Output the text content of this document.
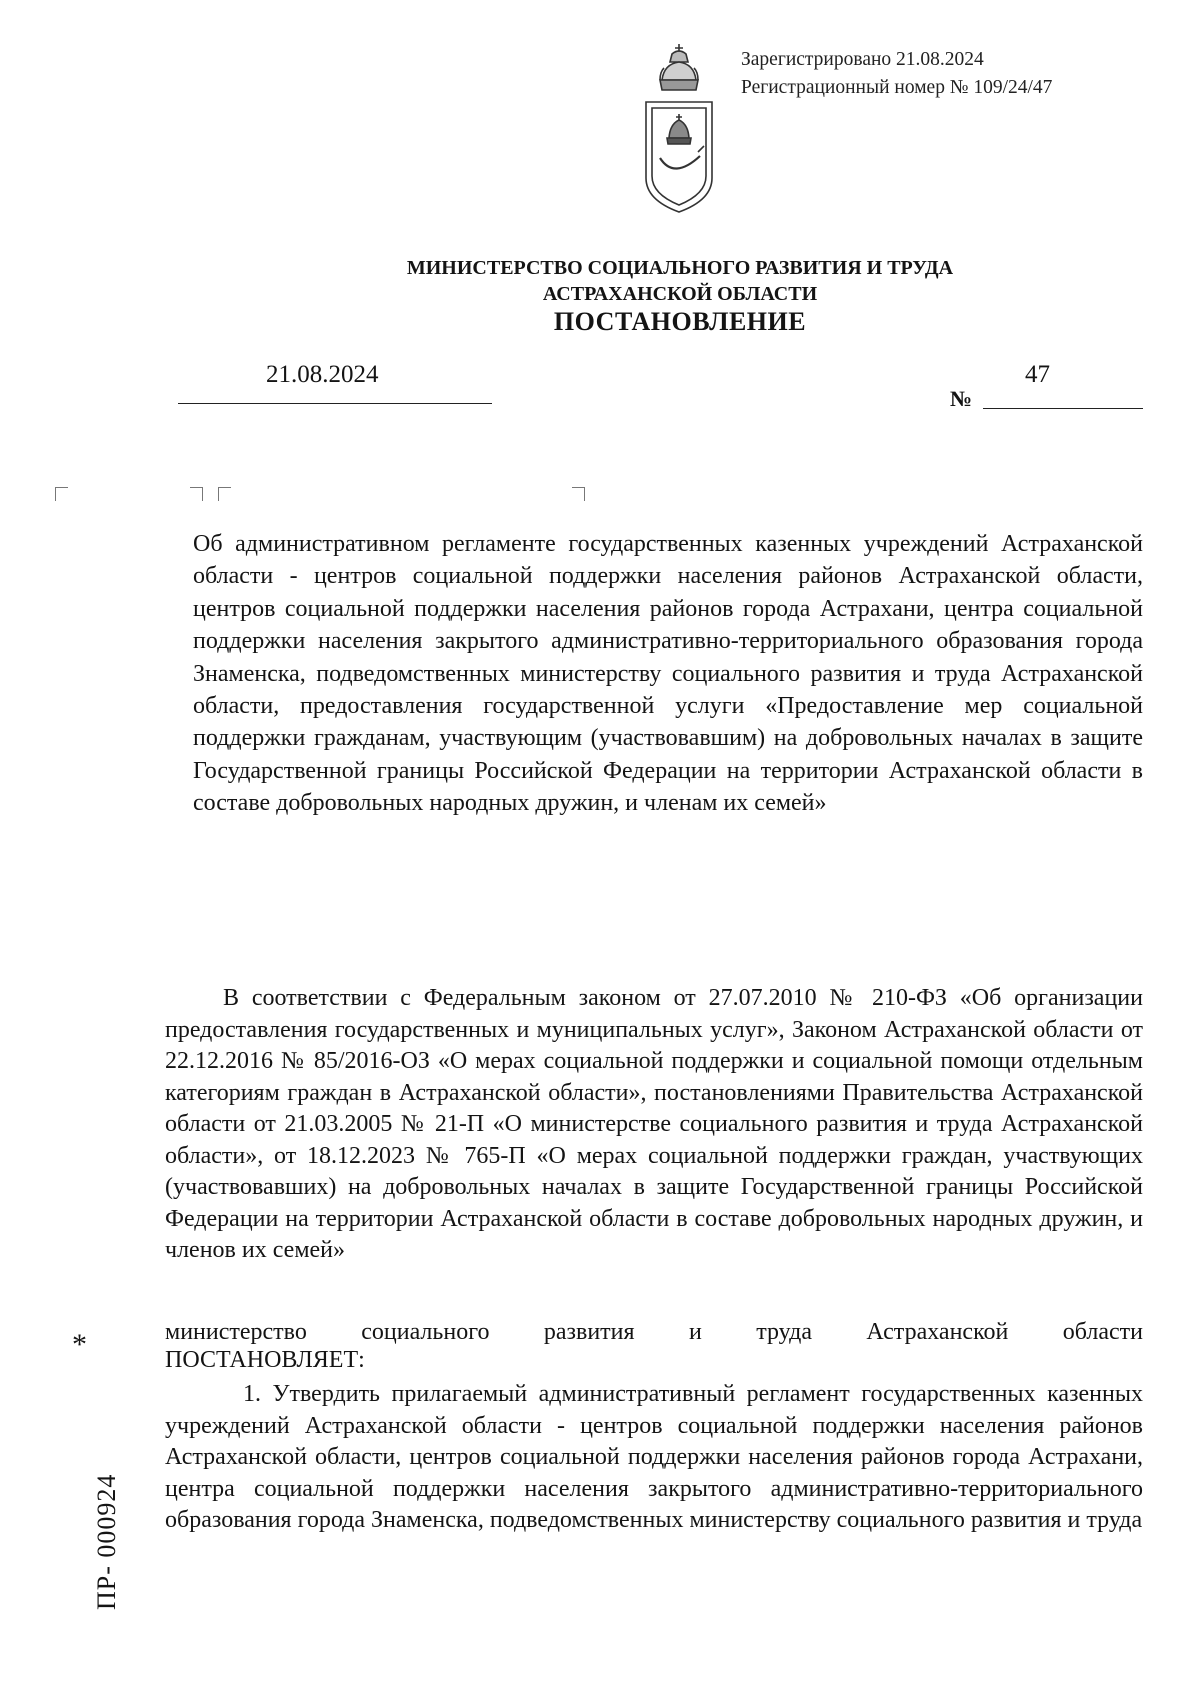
Зарегистрировано 21.08.2024
Регистрационный номер № 109/24/47
МИНИСТЕРСТВО СОЦИАЛЬНОГО РАЗВИТИЯ И ТРУДА
АСТРАХАНСКОЙ ОБЛАСТИ
ПОСТАНОВЛЕНИЕ
21.08.2024
№
47
Об административном регламенте государственных казенных учреждений Астраханской области - центров социальной поддержки населения районов Астраханской области, центров социальной поддержки населения районов города Астрахани, центра социальной поддержки населения закрытого административно-территориального образования города Знаменска, подведомственных министерству социального развития и труда Астраханской области, предоставления государственной услуги «Предоставление мер социальной поддержки гражданам, участвующим (участвовавшим) на добровольных началах в защите Государственной границы Российской Федерации на территории Астраханской области в составе добровольных народных дружин, и членам их семей»
В соответствии с Федеральным законом от 27.07.2010 № 210-ФЗ «Об организации предоставления государственных и муниципальных услуг», Законом Астраханской области от 22.12.2016 № 85/2016-ОЗ «О мерах социальной поддержки и социальной помощи отдельным категориям граждан в Астраханской области», постановлениями Правительства Астраханской области от 21.03.2005 № 21-П «О министерстве социального развития и труда Астраханской области», от 18.12.2023 № 765-П «О мерах социальной поддержки граждан, участвующих (участвовавших) на добровольных началах в защите Государственной границы Российской Федерации на территории Астраханской области в составе добровольных народных дружин, и членов их семей»
министерство социального развития и труда Астраханской области
ПОСТАНОВЛЯЕТ:
1. Утвердить прилагаемый административный регламент государственных казенных учреждений Астраханской области - центров социальной поддержки населения районов Астраханской области, центров социальной поддержки населения районов города Астрахани, центра социальной поддержки населения закрытого административно-территориального образования города Знаменска, подведомственных министерству социального развития и труда
*
ПР- 000924
